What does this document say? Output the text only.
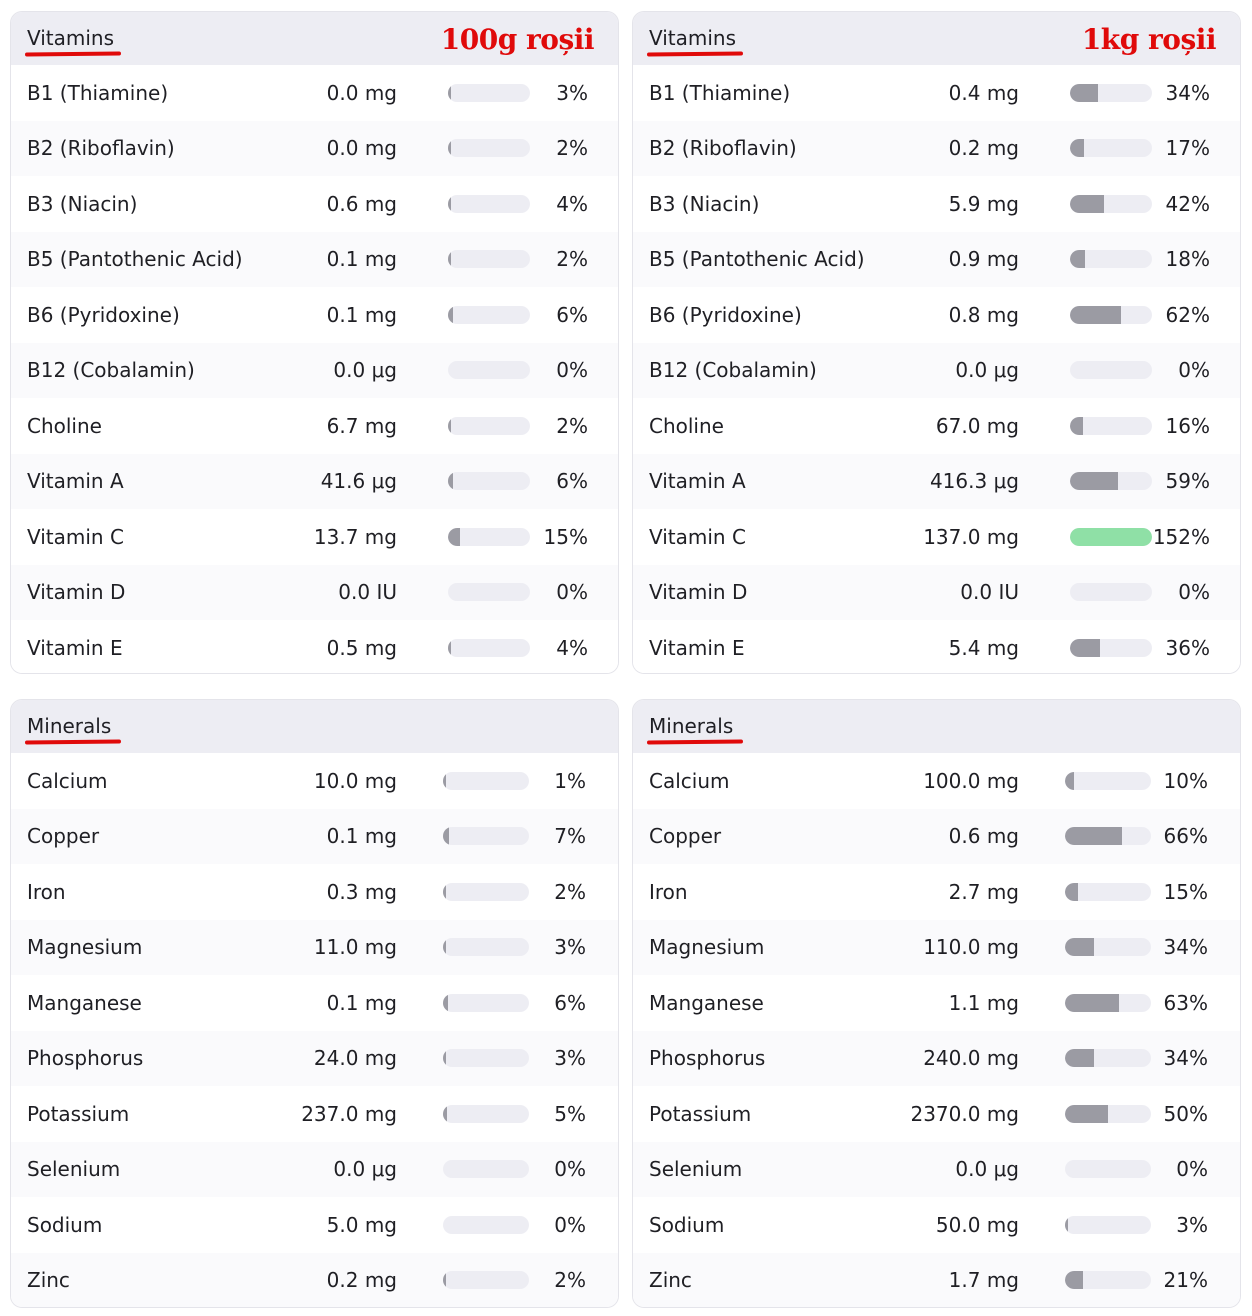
Vitamins	100g roșii
B1 (Thiamine)	0.0 mg	3%
B2 (Riboflavin)	0.0 mg	2%
B3 (Niacin)	0.6 mg	4%
B5 (Pantothenic Acid)	0.1 mg	2%
B6 (Pyridoxine)	0.1 mg	6%
B12 (Cobalamin)	0.0 μg	0%
Choline	6.7 mg	2%
Vitamin A	41.6 μg	6%
Vitamin C	13.7 mg	15%
Vitamin D	0.0 IU	0%
Vitamin E	0.5 mg	4%
Vitamins	1kg roșii
B1 (Thiamine)	0.4 mg	34%
B2 (Riboflavin)	0.2 mg	17%
B3 (Niacin)	5.9 mg	42%
B5 (Pantothenic Acid)	0.9 mg	18%
B6 (Pyridoxine)	0.8 mg	62%
B12 (Cobalamin)	0.0 μg	0%
Choline	67.0 mg	16%
Vitamin A	416.3 μg	59%
Vitamin C	137.0 mg	152%
Vitamin D	0.0 IU	0%
Vitamin E	5.4 mg	36%
Minerals
Calcium	10.0 mg	1%
Copper	0.1 mg	7%
Iron	0.3 mg	2%
Magnesium	11.0 mg	3%
Manganese	0.1 mg	6%
Phosphorus	24.0 mg	3%
Potassium	237.0 mg	5%
Selenium	0.0 μg	0%
Sodium	5.0 mg	0%
Zinc	0.2 mg	2%
Minerals
Calcium	100.0 mg	10%
Copper	0.6 mg	66%
Iron	2.7 mg	15%
Magnesium	110.0 mg	34%
Manganese	1.1 mg	63%
Phosphorus	240.0 mg	34%
Potassium	2370.0 mg	50%
Selenium	0.0 μg	0%
Sodium	50.0 mg	3%
Zinc	1.7 mg	21%
